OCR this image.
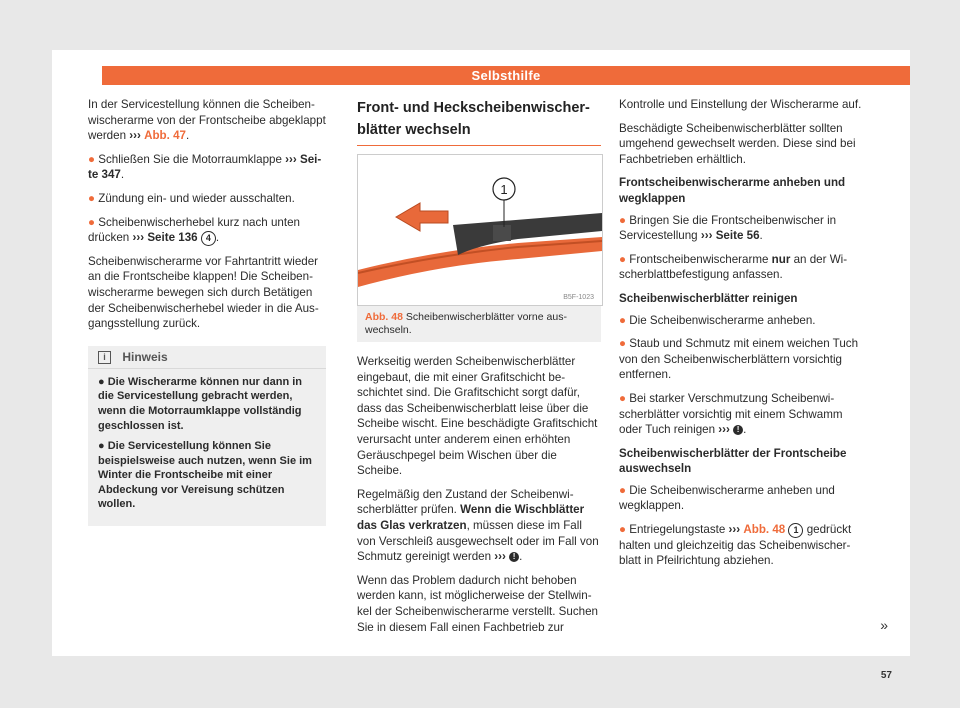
Selbsthilfe

In der Servicestellung können die Scheibenwischerarme von der Frontscheibe abgeklappt werden ››› Abb. 47.

● Schließen Sie die Motorraumklappe ››› Seite 347.

● Zündung ein- und wieder ausschalten.

● Scheibenwischerhebel kurz nach unten drücken ››› Seite 136 4 .

Scheibenwischerarme vor Fahrtantritt wieder an die Frontscheibe klappen! Die Scheibenwischerarme bewegen sich durch Betätigen der Scheibenwischerhebel wieder in die Ausgangsstellung zurück.

i Hinweis

● Die Wischerarme können nur dann in die Servicestellung gebracht werden, wenn die Motorraumklappe vollständig geschlossen ist.

● Die Servicestellung können Sie beispielsweise auch nutzen, wenn Sie im Winter die Frontscheibe mit einer Abdeckung vor Vereisung schützen wollen.

Front- und Heckscheibenwischerblätter wechseln
1
B5F-1023
Abb. 48 Scheibenwischerblätter vorne auswechseln.

Werkseitig werden Scheibenwischerblätter eingebaut, die mit einer Grafitschicht beschichtet sind. Die Grafitschicht sorgt dafür, dass das Scheibenwischerblatt leise über die Scheibe wischt. Eine beschädigte Grafitschicht verursacht unter anderem einen erhöhten Geräuschpegel beim Wischen über die Scheibe.

Regelmäßig den Zustand der Scheibenwischerblätter prüfen. Wenn die Wischblätter das Glas verkratzen, müssen diese im Fall von Verschleiß ausgewechselt oder im Fall von Schmutz gereinigt werden ››› ! .

Wenn das Problem dadurch nicht behoben werden kann, ist möglicherweise der Stellwinkel der Scheibenwischerarme verstellt. Suchen Sie in diesem Fall einen Fachbetrieb zur

Kontrolle und Einstellung der Wischerarme auf.

Beschädigte Scheibenwischerblätter sollten umgehend gewechselt werden. Diese sind bei Fachbetrieben erhältlich.

Frontscheibenwischerarme anheben und wegklappen

● Bringen Sie die Frontscheibenwischer in Servicestellung ››› Seite 56.

● Frontscheibenwischerarme nur an der Wischerblattbefestigung anfassen.

Scheibenwischerblätter reinigen

● Die Scheibenwischerarme anheben.

● Staub und Schmutz mit einem weichen Tuch von den Scheibenwischerblättern vorsichtig entfernen.

● Bei starker Verschmutzung Scheibenwischerblätter vorsichtig mit einem Schwamm oder Tuch reinigen ››› ! .

Scheibenwischerblätter der Frontscheibe auswechseln

● Die Scheibenwischerarme anheben und wegklappen.

● Entriegelungstaste ››› Abb. 48 1 gedrückt halten und gleichzeitig das Scheibenwischerblatt in Pfeilrichtung abziehen.

»
57
